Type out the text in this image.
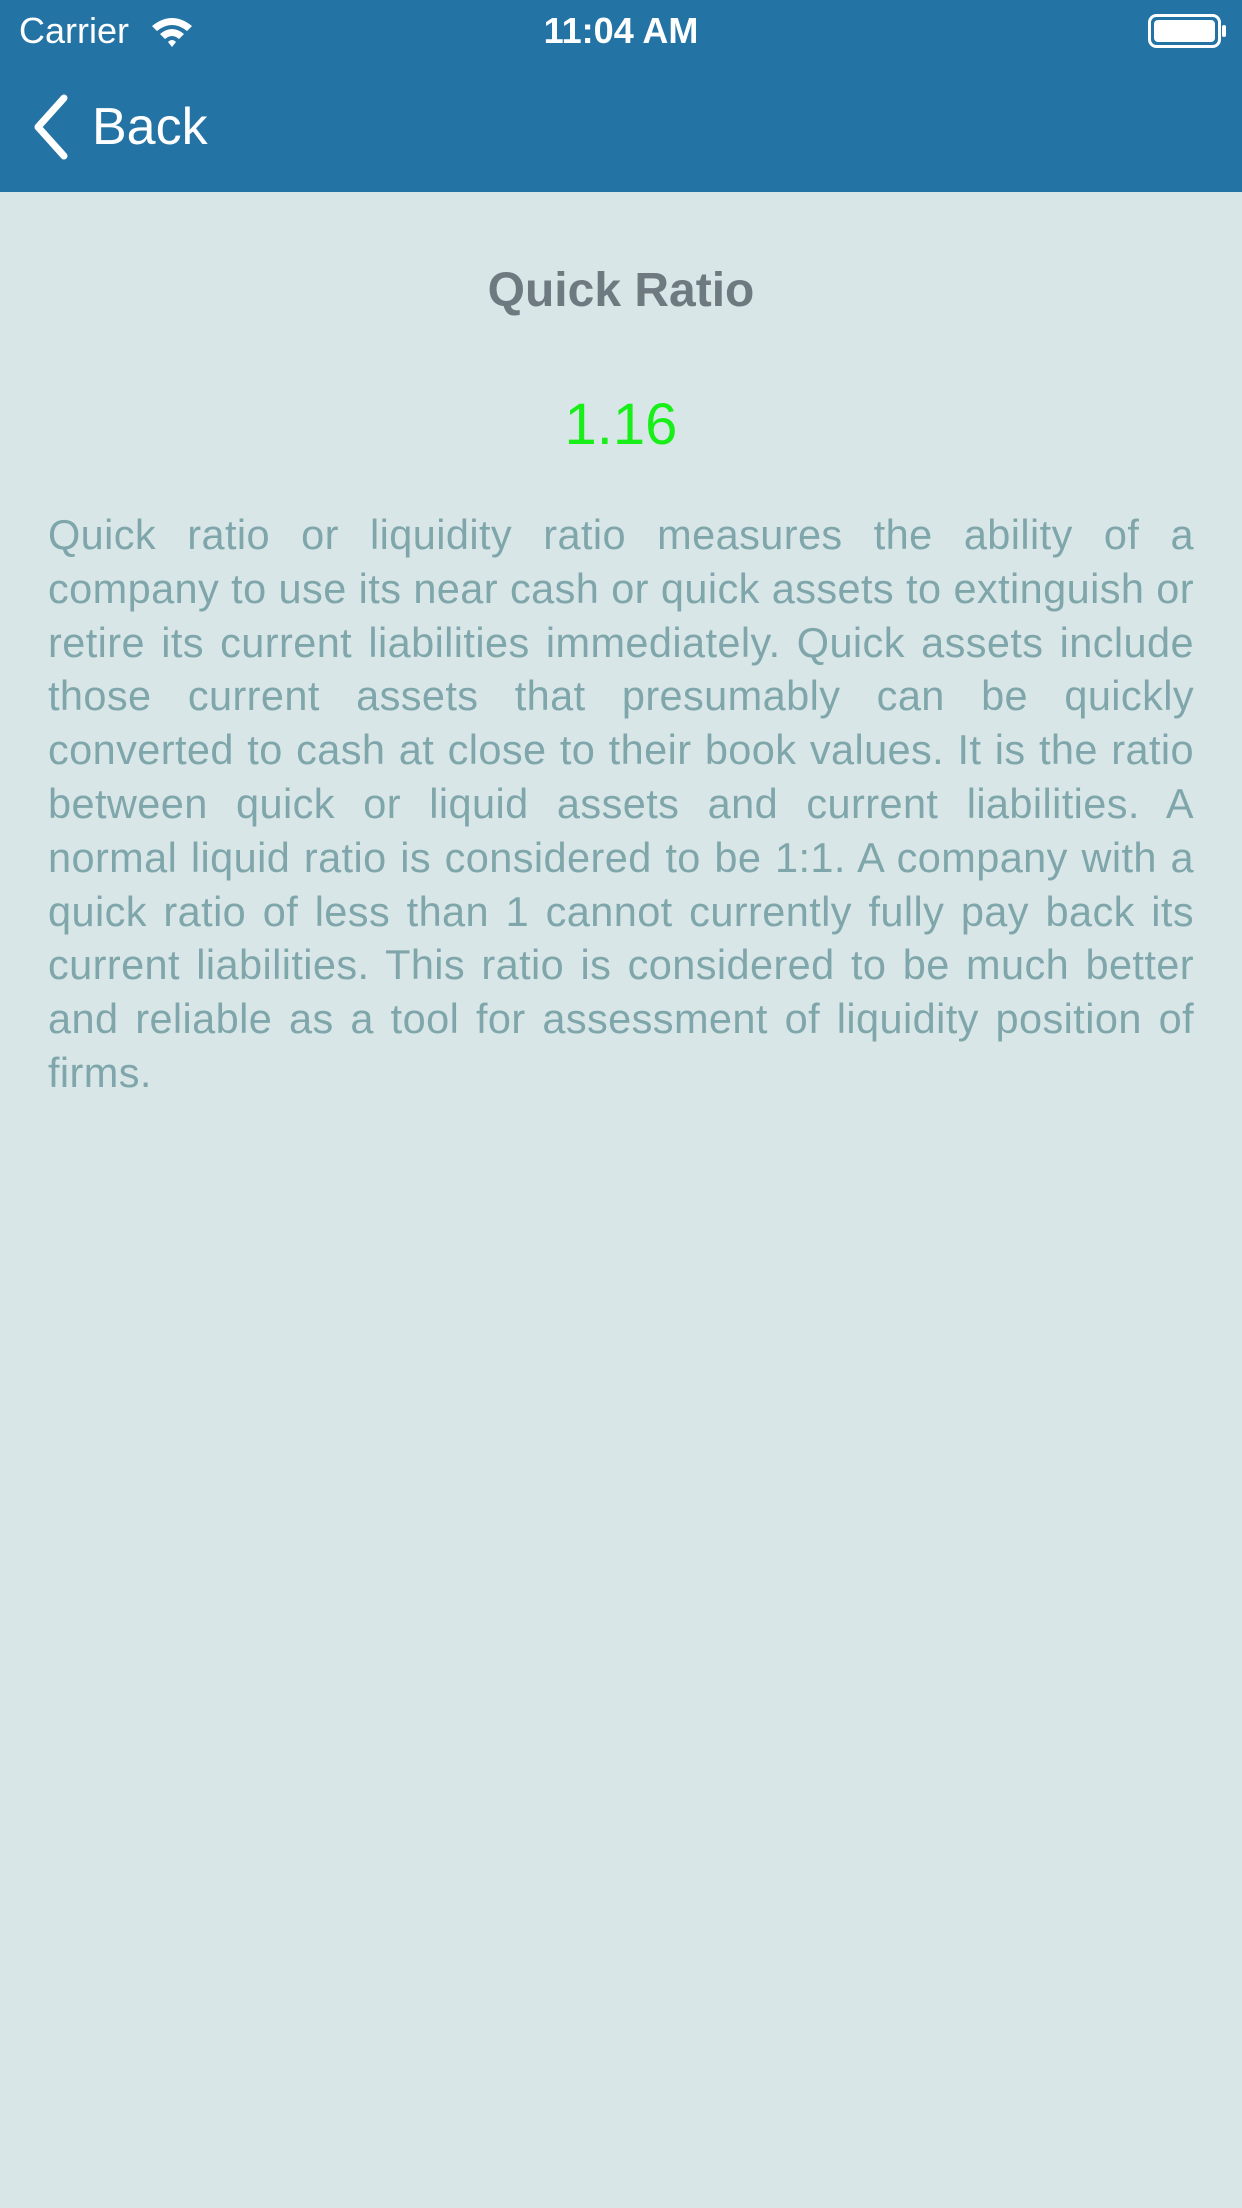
Carrier	11:04 AM
Back
Quick Ratio
1.16
Quick ratio or liquidity ratio measures the ability of a company to use its near cash or quick assets to extinguish or retire its current liabilities immediately. Quick assets include those current assets that presumably can be quickly converted to cash at close to their book values. It is the ratio between quick or liquid assets and current liabilities. A normal liquid ratio is considered to be 1:1. A company with a quick ratio of less than 1 cannot currently fully pay back its current liabilities. This ratio is considered to be much better and reliable as a tool for assessment of liquidity position of firms.
